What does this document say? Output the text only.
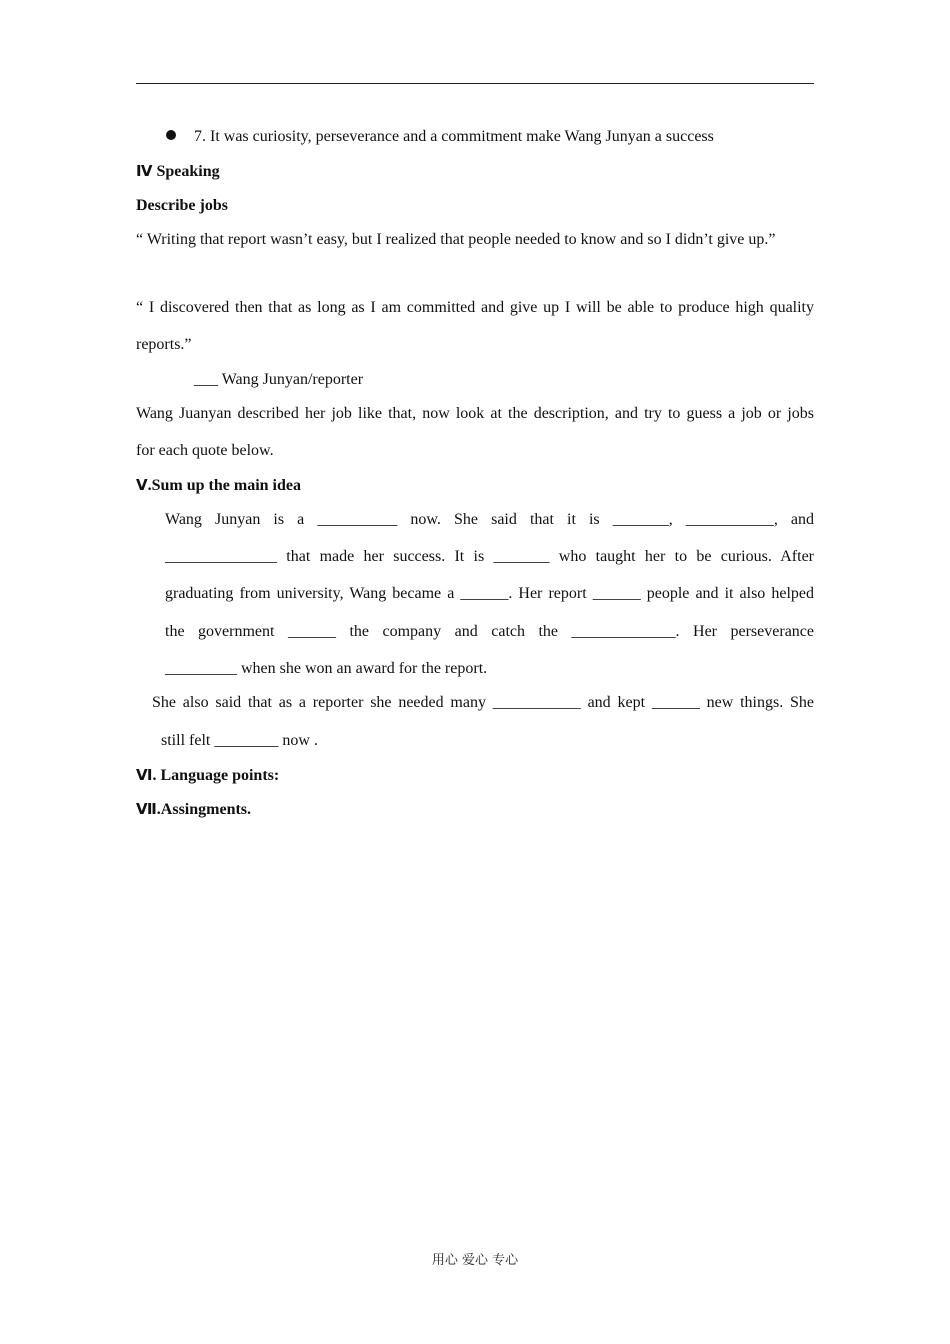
7. It was curiosity, perseverance and a commitment make Wang Junyan a success
Ⅳ Speaking
Describe jobs
“ Writing that report wasn’t easy, but I realized that people needed to know and so I didn’t give up.”
“ I discovered then that as long as I am committed and give up I will be able to produce high quality
reports.”
___ Wang Junyan/reporter
Wang Juanyan described her job like that, now look at the description, and try to guess a job or jobs
for each quote below.
Ⅴ.Sum up the main idea
Wang Junyan is a __________ now. She said that it is _______, ___________, and
______________ that made her success. It is _______ who taught her to be curious. After
graduating from university, Wang became a ______. Her report ______ people and it also helped
the government ______ the company and catch the _____________. Her perseverance
_________ when she won an award for the report.
She also said that as a reporter she needed many ___________ and kept ______ new things. She
still felt ________ now .
Ⅵ. Language points:
Ⅶ.Assingments.
用心 爱心 专心
